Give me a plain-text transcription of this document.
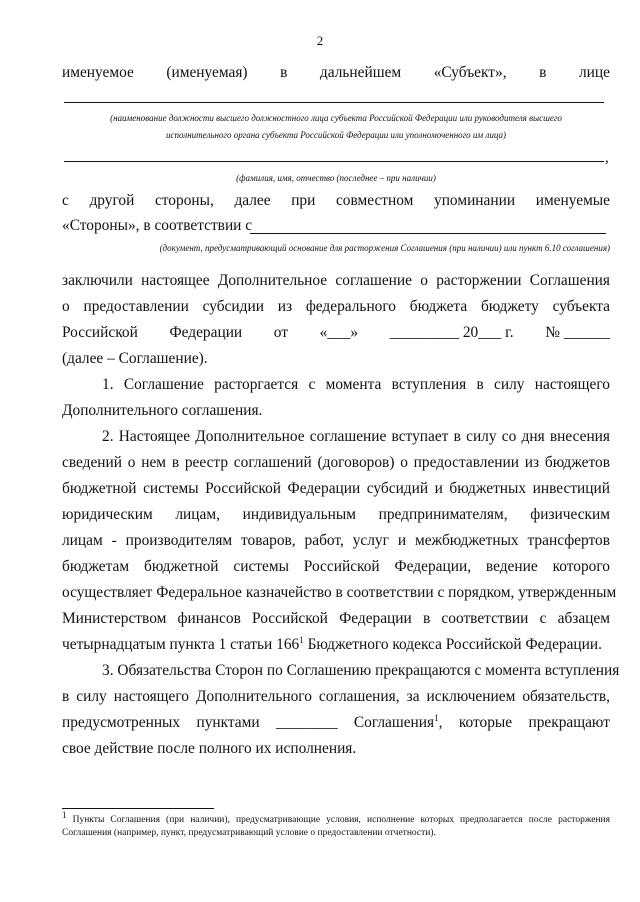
2
именуемое (именуемая) в дальнейшем «Субъект», в лице
(наименование должности высшего должностного лица субъекта Российской Федерации или руководителя высшего
исполнительного органа субъекта Российской Федерации или уполномоченного им лица)
,
(фамилия, имя, отчество (последнее – при наличии)
с другой стороны, далее при совместном упоминании именуемые
«Стороны», в соответствии с
(документ, предусматривающий основание для расторжения Соглашения (при наличии) или пункт 6.10 соглашения)
заключили настоящее Дополнительное соглашение о расторжении Соглашения
о предоставлении субсидии из федерального бюджета бюджету субъекта
Российской Федерации от «___» _________ 20___ г. № ______
(далее – Соглашение).
1. Соглашение расторгается с момента вступления в силу настоящего
Дополнительного соглашения.
2. Настоящее Дополнительное соглашение вступает в силу со дня внесения
сведений о нем в реестр соглашений (договоров) о предоставлении из бюджетов
бюджетной системы Российской Федерации субсидий и бюджетных инвестиций
юридическим лицам, индивидуальным предпринимателям, физическим
лицам - производителям товаров, работ, услуг и межбюджетных трансфертов
бюджетам бюджетной системы Российской Федерации, ведение которого
осуществляет Федеральное казначейство в соответствии с порядком, утвержденным
Министерством финансов Российской Федерации в соответствии с абзацем
четырнадцатым пункта 1 статьи $166^1$ Бюджетного кодекса Российской Федерации.
3. Обязательства Сторон по Соглашению прекращаются с момента вступления
в силу настоящего Дополнительного соглашения, за исключением обязательств,
предусмотренных пунктами ________ Соглашения$^1$, которые прекращают
свое действие после полного их исполнения.
$^1$ Пункты Соглашения (при наличии), предусматривающие условия, исполнение которых предполагается после расторжения Соглашения (например, пункт, предусматривающий условие о предоставлении отчетности).
